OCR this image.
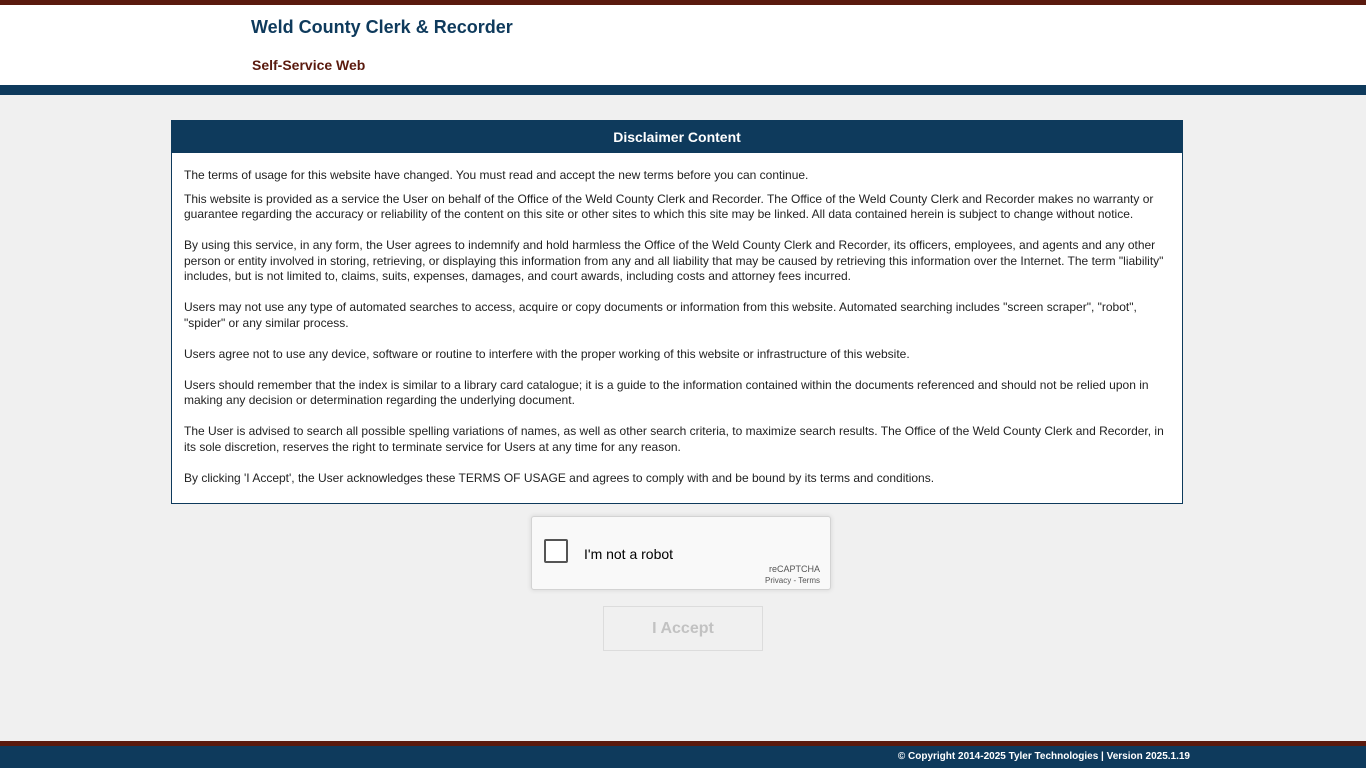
Weld County Clerk & Recorder
Self-Service Web
Disclaimer Content

The terms of usage for this website have changed. You must read and accept the new terms before you can continue.

This website is provided as a service the User on behalf of the Office of the Weld County Clerk and Recorder. The Office of the Weld County Clerk and Recorder makes no warranty or guarantee regarding the accuracy or reliability of the content on this site or other sites to which this site may be linked. All data contained herein is subject to change without notice.

By using this service, in any form, the User agrees to indemnify and hold harmless the Office of the Weld County Clerk and Recorder, its officers, employees, and agents and any other person or entity involved in storing, retrieving, or displaying this information from any and all liability that may be caused by retrieving this information over the Internet. The term "liability" includes, but is not limited to, claims, suits, expenses, damages, and court awards, including costs and attorney fees incurred.

Users may not use any type of automated searches to access, acquire or copy documents or information from this website. Automated searching includes "screen scraper", "robot", "spider" or any similar process.

Users agree not to use any device, software or routine to interfere with the proper working of this website or infrastructure of this website.

Users should remember that the index is similar to a library card catalogue; it is a guide to the information contained within the documents referenced and should not be relied upon in making any decision or determination regarding the underlying document.

The User is advised to search all possible spelling variations of names, as well as other search criteria, to maximize search results. The Office of the Weld County Clerk and Recorder, in its sole discretion, reserves the right to terminate service for Users at any time for any reason.

By clicking 'I Accept', the User acknowledges these TERMS OF USAGE and agrees to comply with and be bound by its terms and conditions.

I'm not a robot
reCAPTCHA
Privacy - Terms
I Accept
© Copyright 2014-2025 Tyler Technologies | Version 2025.1.19
